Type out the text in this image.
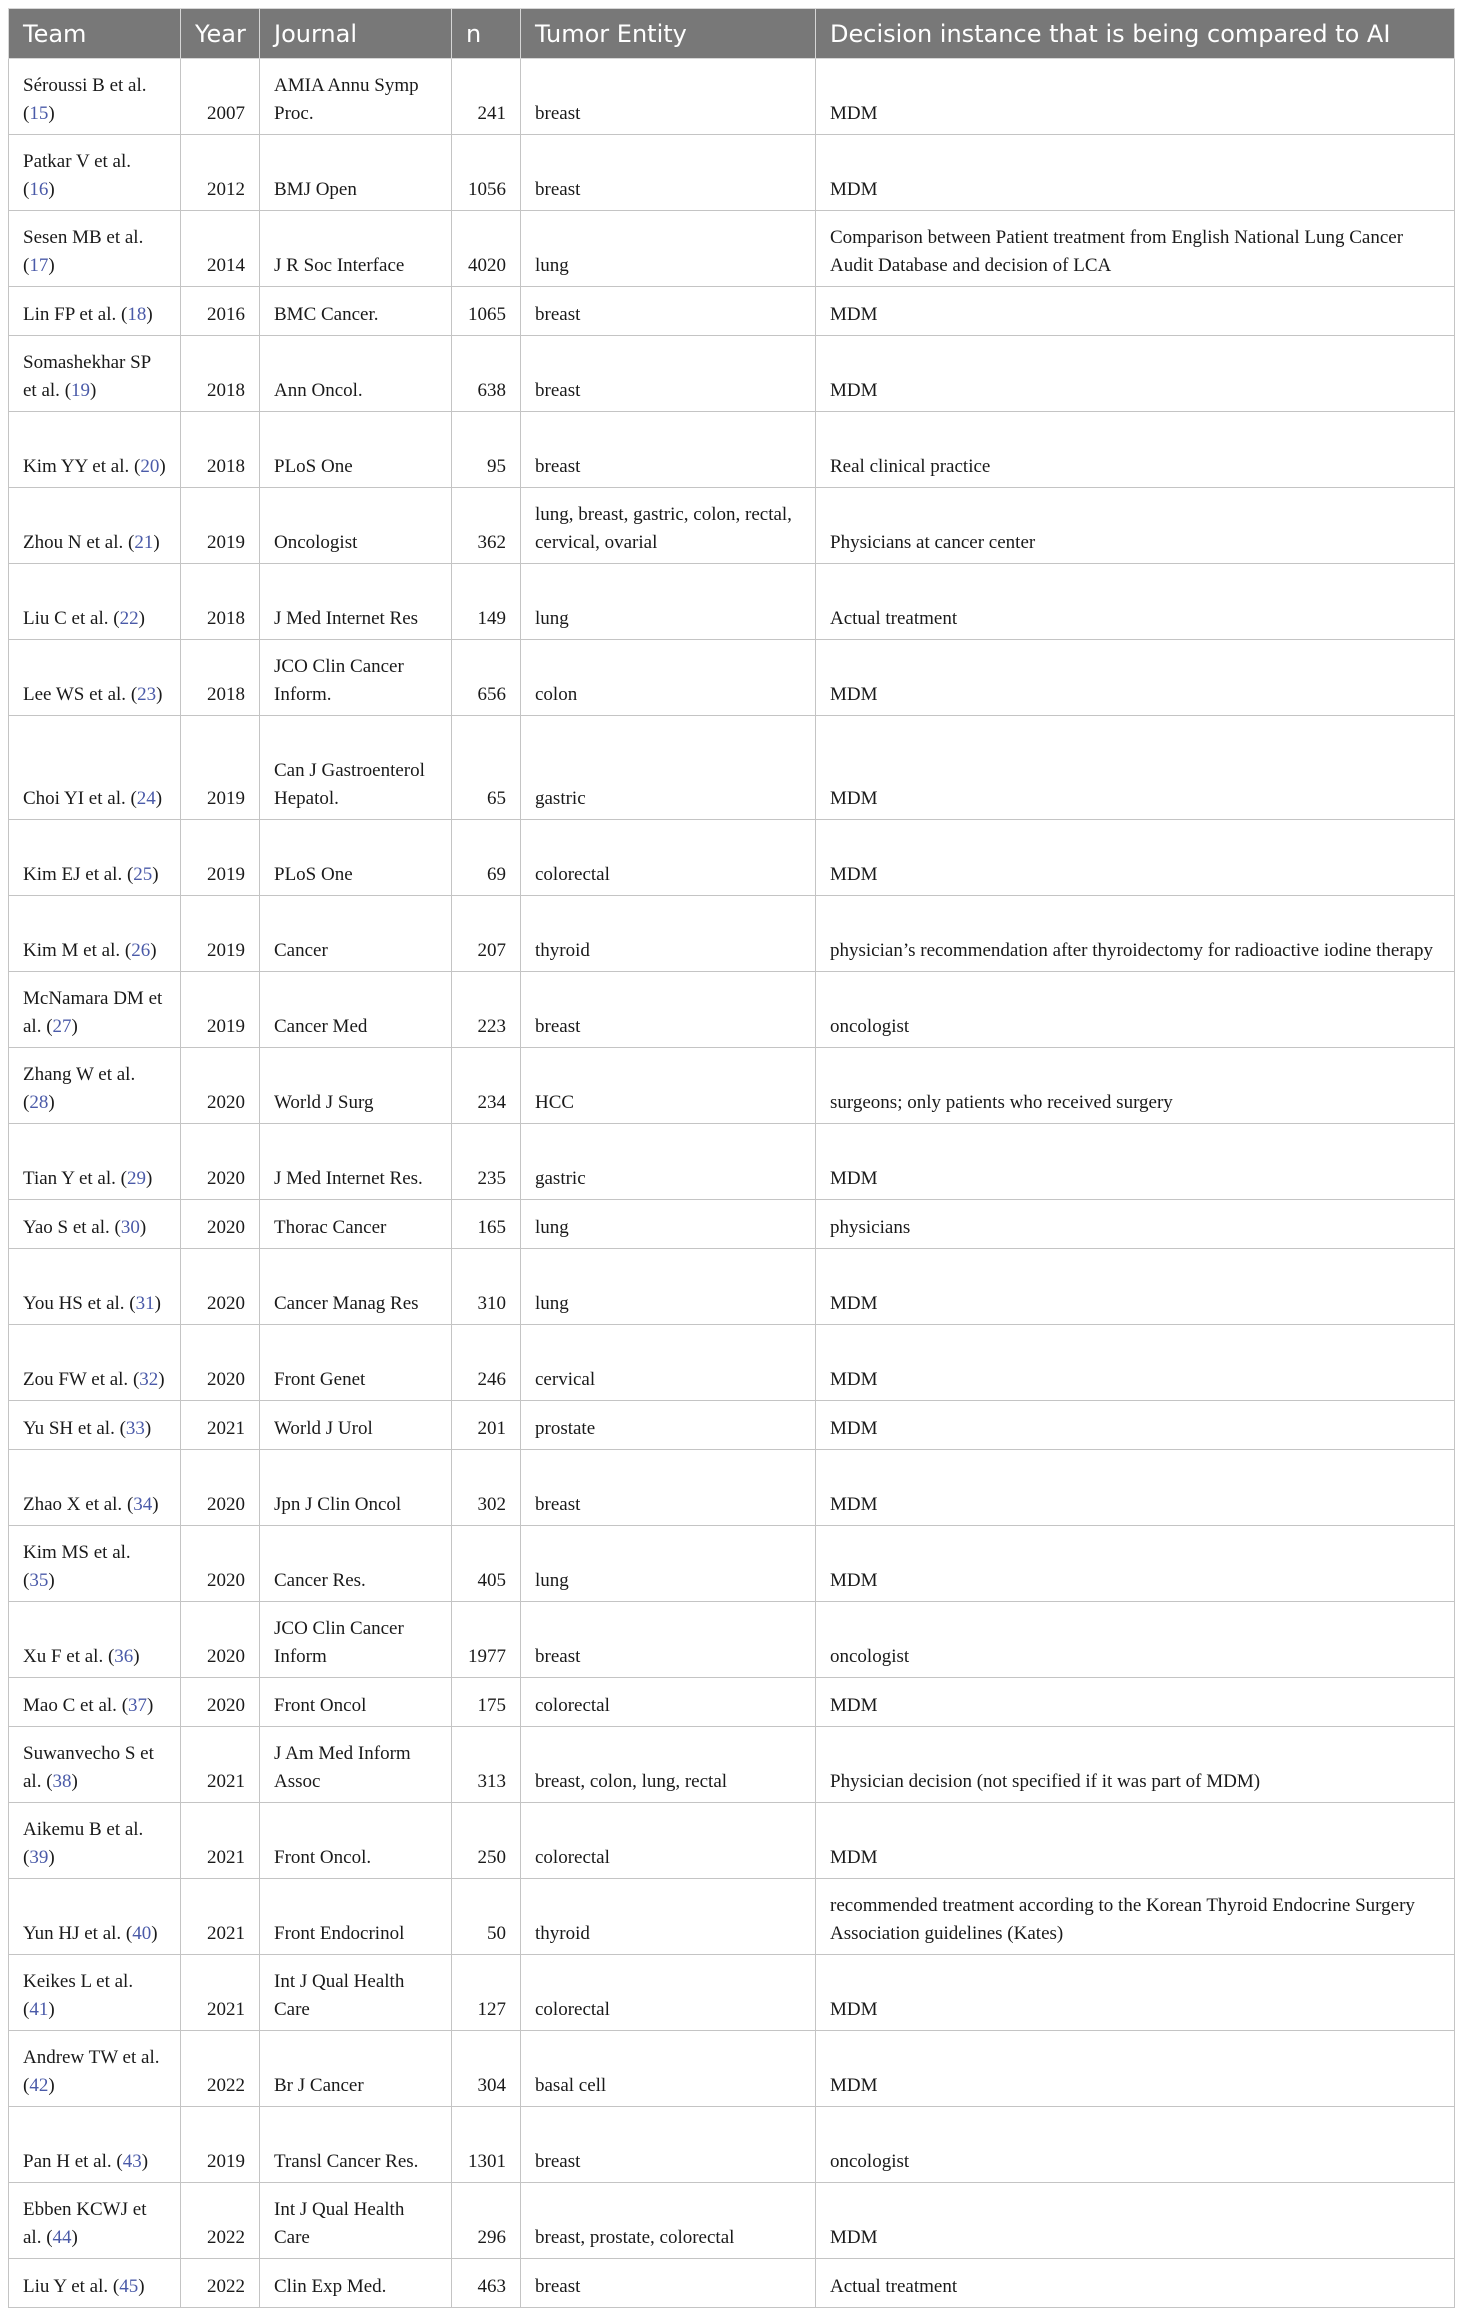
Team	Year	Journal	n	Tumor Entity	Decision instance that is being compared to AI
Séroussi B et al. (15)	2007	AMIA Annu Symp Proc.	241	breast	MDM
Patkar V et al. (16)	2012	BMJ Open	1056	breast	MDM
Sesen MB et al. (17)	2014	J R Soc Interface	4020	lung	Comparison between Patient treatment from English National Lung Cancer Audit Database and decision of LCA
Lin FP et al. (18)	2016	BMC Cancer.	1065	breast	MDM
Somashekhar SP et al. (19)	2018	Ann Oncol.	638	breast	MDM
Kim YY et al. (20)	2018	PLoS One	95	breast	Real clinical practice
Zhou N et al. (21)	2019	Oncologist	362	lung, breast, gastric, colon, rectal, cervical, ovarial	Physicians at cancer center
Liu C et al. (22)	2018	J Med Internet Res	149	lung	Actual treatment
Lee WS et al. (23)	2018	JCO Clin Cancer Inform.	656	colon	MDM
Choi YI et al. (24)	2019	Can J Gastroenterol Hepatol.	65	gastric	MDM
Kim EJ et al. (25)	2019	PLoS One	69	colorectal	MDM
Kim M et al. (26)	2019	Cancer	207	thyroid	physician’s recommendation after thyroidectomy for radioactive iodine therapy
McNamara DM et al. (27)	2019	Cancer Med	223	breast	oncologist
Zhang W et al. (28)	2020	World J Surg	234	HCC	surgeons; only patients who received surgery
Tian Y et al. (29)	2020	J Med Internet Res.	235	gastric	MDM
Yao S et al. (30)	2020	Thorac Cancer	165	lung	physicians
You HS et al. (31)	2020	Cancer Manag Res	310	lung	MDM
Zou FW et al. (32)	2020	Front Genet	246	cervical	MDM
Yu SH et al. (33)	2021	World J Urol	201	prostate	MDM
Zhao X et al. (34)	2020	Jpn J Clin Oncol	302	breast	MDM
Kim MS et al. (35)	2020	Cancer Res.	405	lung	MDM
Xu F et al. (36)	2020	JCO Clin Cancer Inform	1977	breast	oncologist
Mao C et al. (37)	2020	Front Oncol	175	colorectal	MDM
Suwanvecho S et al. (38)	2021	J Am Med Inform Assoc	313	breast, colon, lung, rectal	Physician decision (not specified if it was part of MDM)
Aikemu B et al. (39)	2021	Front Oncol.	250	colorectal	MDM
Yun HJ et al. (40)	2021	Front Endocrinol	50	thyroid	recommended treatment according to the Korean Thyroid Endocrine Surgery Association guidelines (Kates)
Keikes L et al. (41)	2021	Int J Qual Health Care	127	colorectal	MDM
Andrew TW et al. (42)	2022	Br J Cancer	304	basal cell	MDM
Pan H et al. (43)	2019	Transl Cancer Res.	1301	breast	oncologist
Ebben KCWJ et al. (44)	2022	Int J Qual Health Care	296	breast, prostate, colorectal	MDM
Liu Y et al. (45)	2022	Clin Exp Med.	463	breast	Actual treatment
